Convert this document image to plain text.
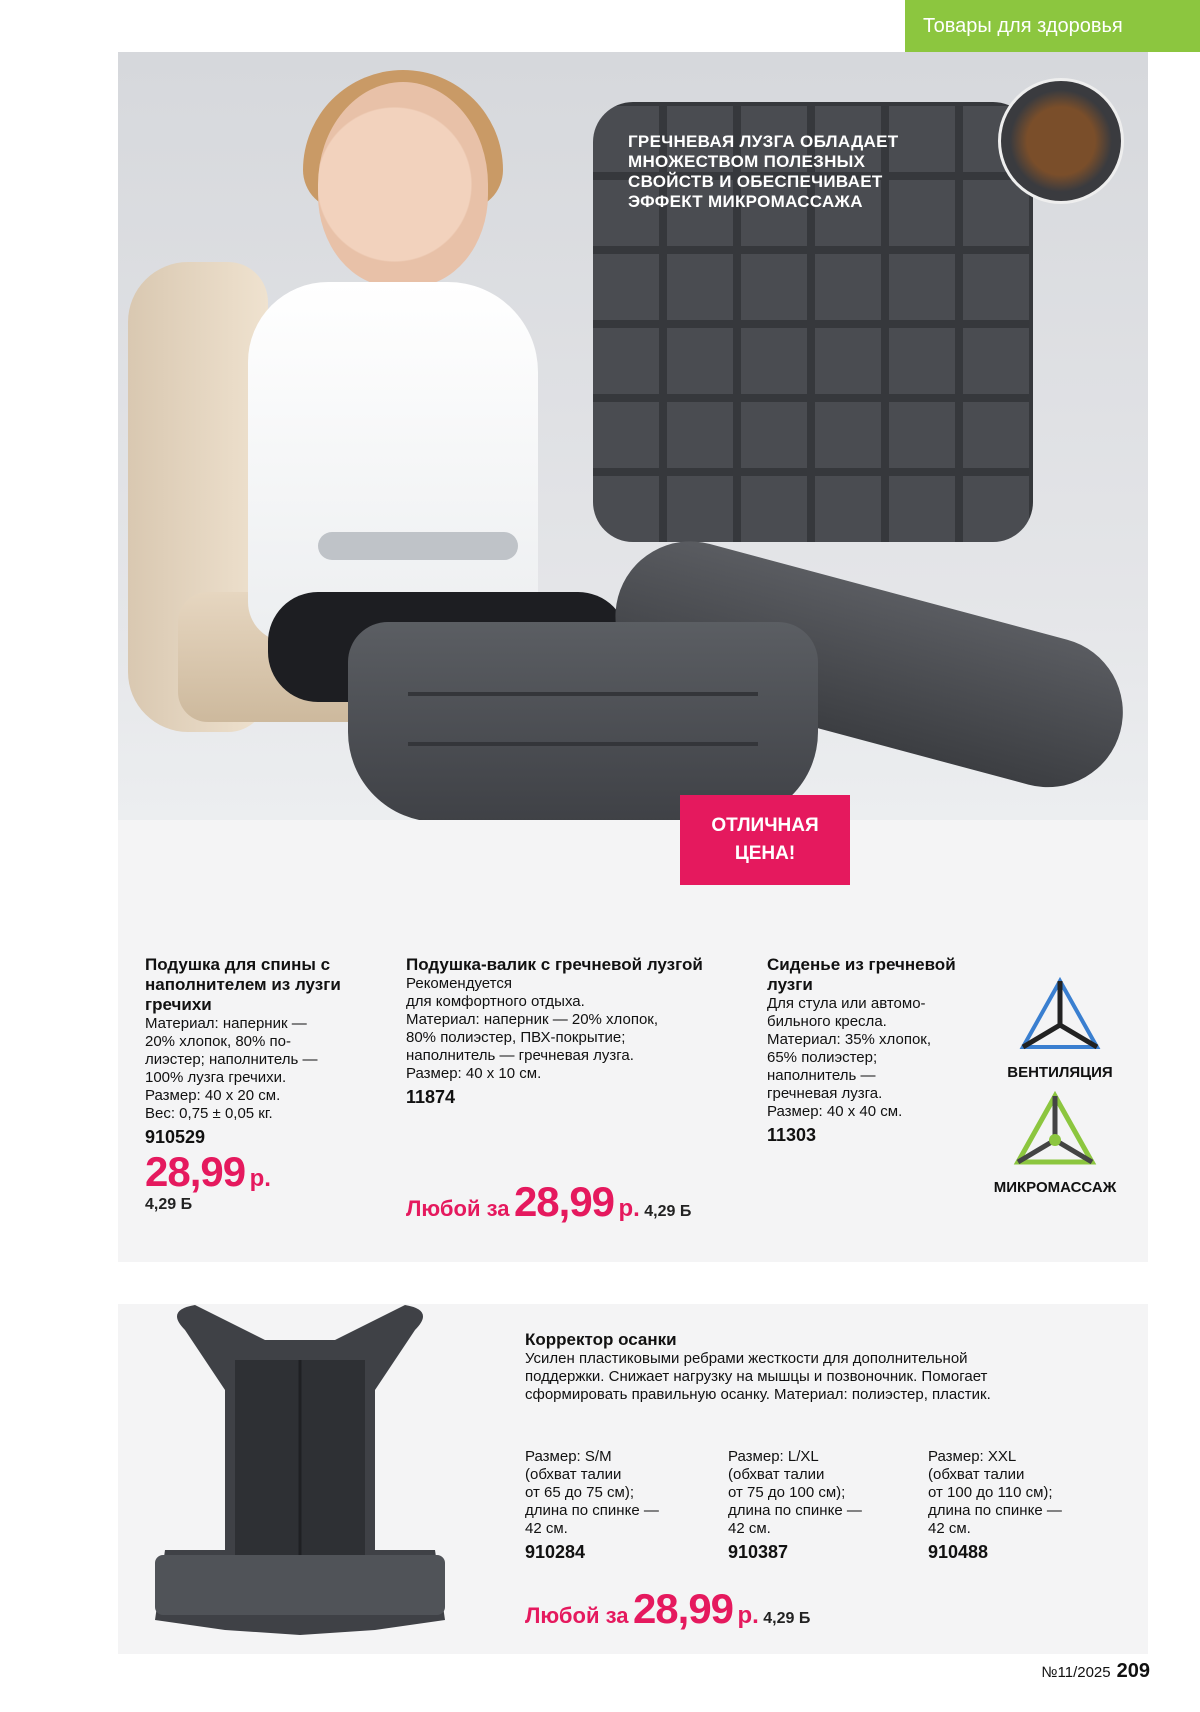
Товары для здоровья
ГРЕЧНЕВАЯ ЛУЗГА ОБЛАДАЕТ МНОЖЕСТВОМ ПОЛЕЗНЫХ СВОЙСТВ И ОБЕСПЕЧИВАЕТ ЭФФЕКТ МИКРОМАССАЖА
ОТЛИЧНАЯ
ЦЕНА!

Подушка для спины с наполнителем из лузги гречихи

Материал: наперник —
20% хлопок, 80% по-
лиэстер; наполнитель —
100% лузга гречихи.
Размер: 40 х 20 см.
Вес: 0,75 ± 0,05 кг.

910529
28,99 р.
4,29 Б

Подушка-валик с гречневой лузгой

Рекомендуется
для комфортного отдыха.
Материал: наперник — 20% хлопок,
80% полиэстер, ПВХ-покрытие;
наполнитель — гречневая лузга.
Размер: 40 х 10 см.

11874

Сиденье из гречневой лузги

Для стула или автомо-
бильного кресла.
Материал: 35% хлопок,
65% полиэстер;
наполнитель —
гречневая лузга.
Размер: 40 х 40 см.

11303
Любой за 28,99 р. 4,29 Б
ВЕНТИЛЯЦИЯ
МИКРОМАССАЖ

Корректор осанки

Усилен пластиковыми ребрами жесткости для дополнительной поддержки. Снижает нагрузку на мышцы и позвоночник. Помогает сформировать правильную осанку. Материал: полиэстер, пластик.

Размер: S/M
(обхват талии
от 65 до 75 см);
длина по спинке —
42 см.

910284

Размер: L/XL
(обхват талии
от 75 до 100 см);
длина по спинке —
42 см.

910387

Размер: XXL
(обхват талии
от 100 до 110 см);
длина по спинке —
42 см.

910488
Любой за 28,99 р. 4,29 Б
№11/2025 209
